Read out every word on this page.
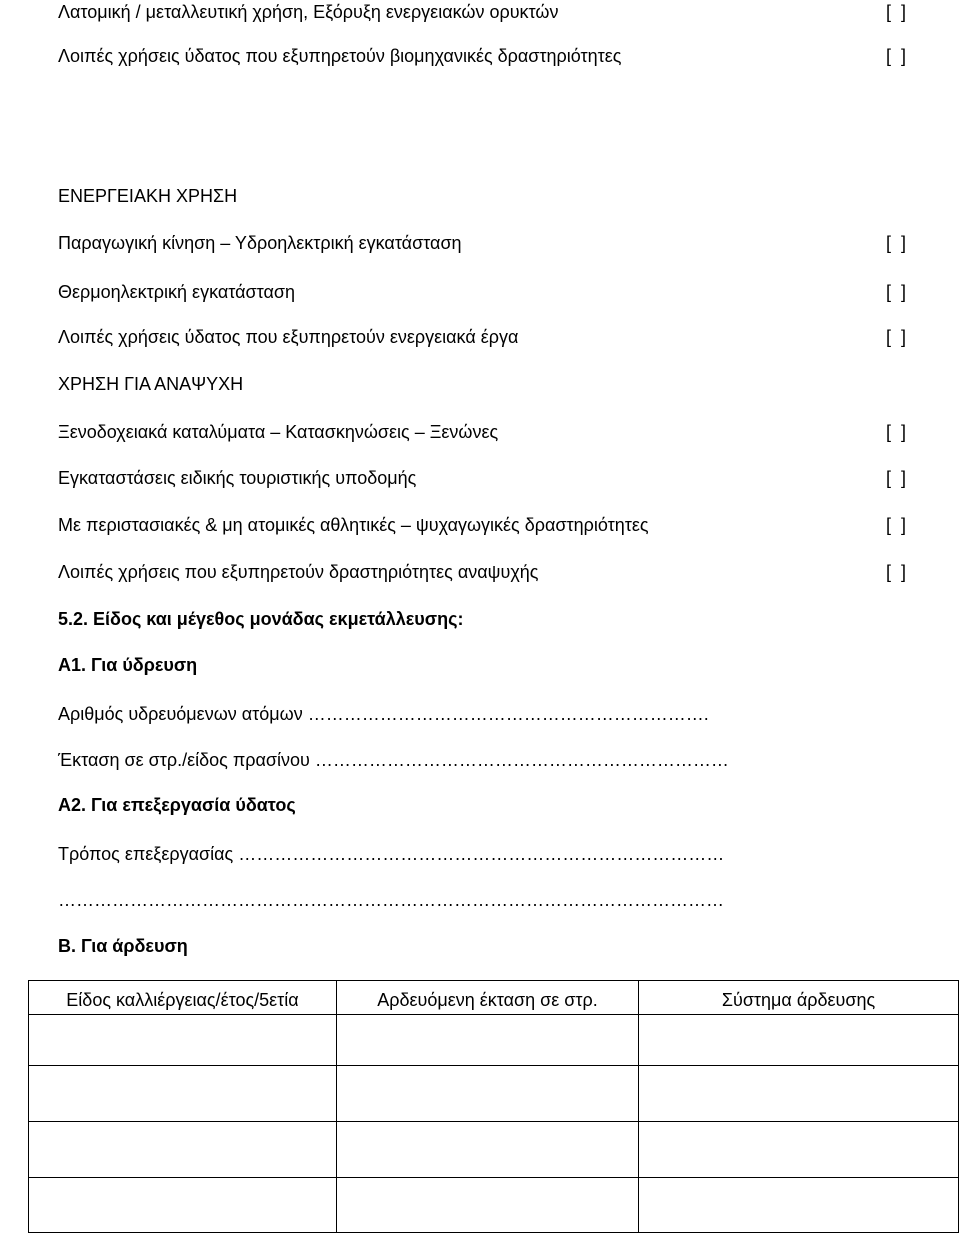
Λατομική / μεταλλευτική χρήση, Εξόρυξη ενεργειακών ορυκτών	[  ]
Λοιπές χρήσεις ύδατος που εξυπηρετούν βιομηχανικές δραστηριότητες	[  ]
ΕΝΕΡΓΕΙΑΚΗ ΧΡΗΣΗ
Παραγωγική κίνηση – Υδροηλεκτρική εγκατάσταση	[  ]
Θερμοηλεκτρική εγκατάσταση	[  ]
Λοιπές χρήσεις ύδατος που εξυπηρετούν ενεργειακά έργα	[  ]
ΧΡΗΣΗ ΓΙΑ ΑΝΑΨΥΧΗ
Ξενοδοχειακά καταλύματα – Κατασκηνώσεις – Ξενώνες	[  ]
Εγκαταστάσεις ειδικής τουριστικής υποδομής	[  ]
Με περιστασιακές & μη ατομικές αθλητικές – ψυχαγωγικές δραστηριότητες	[  ]
Λοιπές χρήσεις που εξυπηρετούν δραστηριότητες αναψυχής	[  ]
5.2. Είδος και μέγεθος μονάδας εκμετάλλευσης:
Α1. Για ύδρευση
Αριθμός υδρευόμενων ατόμων ………………………………………………………….
Έκταση σε στρ./είδος πρασίνου ……………………………………………………………
Α2. Για επεξεργασία ύδατος
Τρόπος επεξεργασίας ………………………………………………………………………
…………………………………………………………………………………………………
Β. Για άρδευση
Είδος καλλιέργειας/έτος/5ετία	Αρδευόμενη έκταση σε στρ.	Σύστημα άρδευσης
